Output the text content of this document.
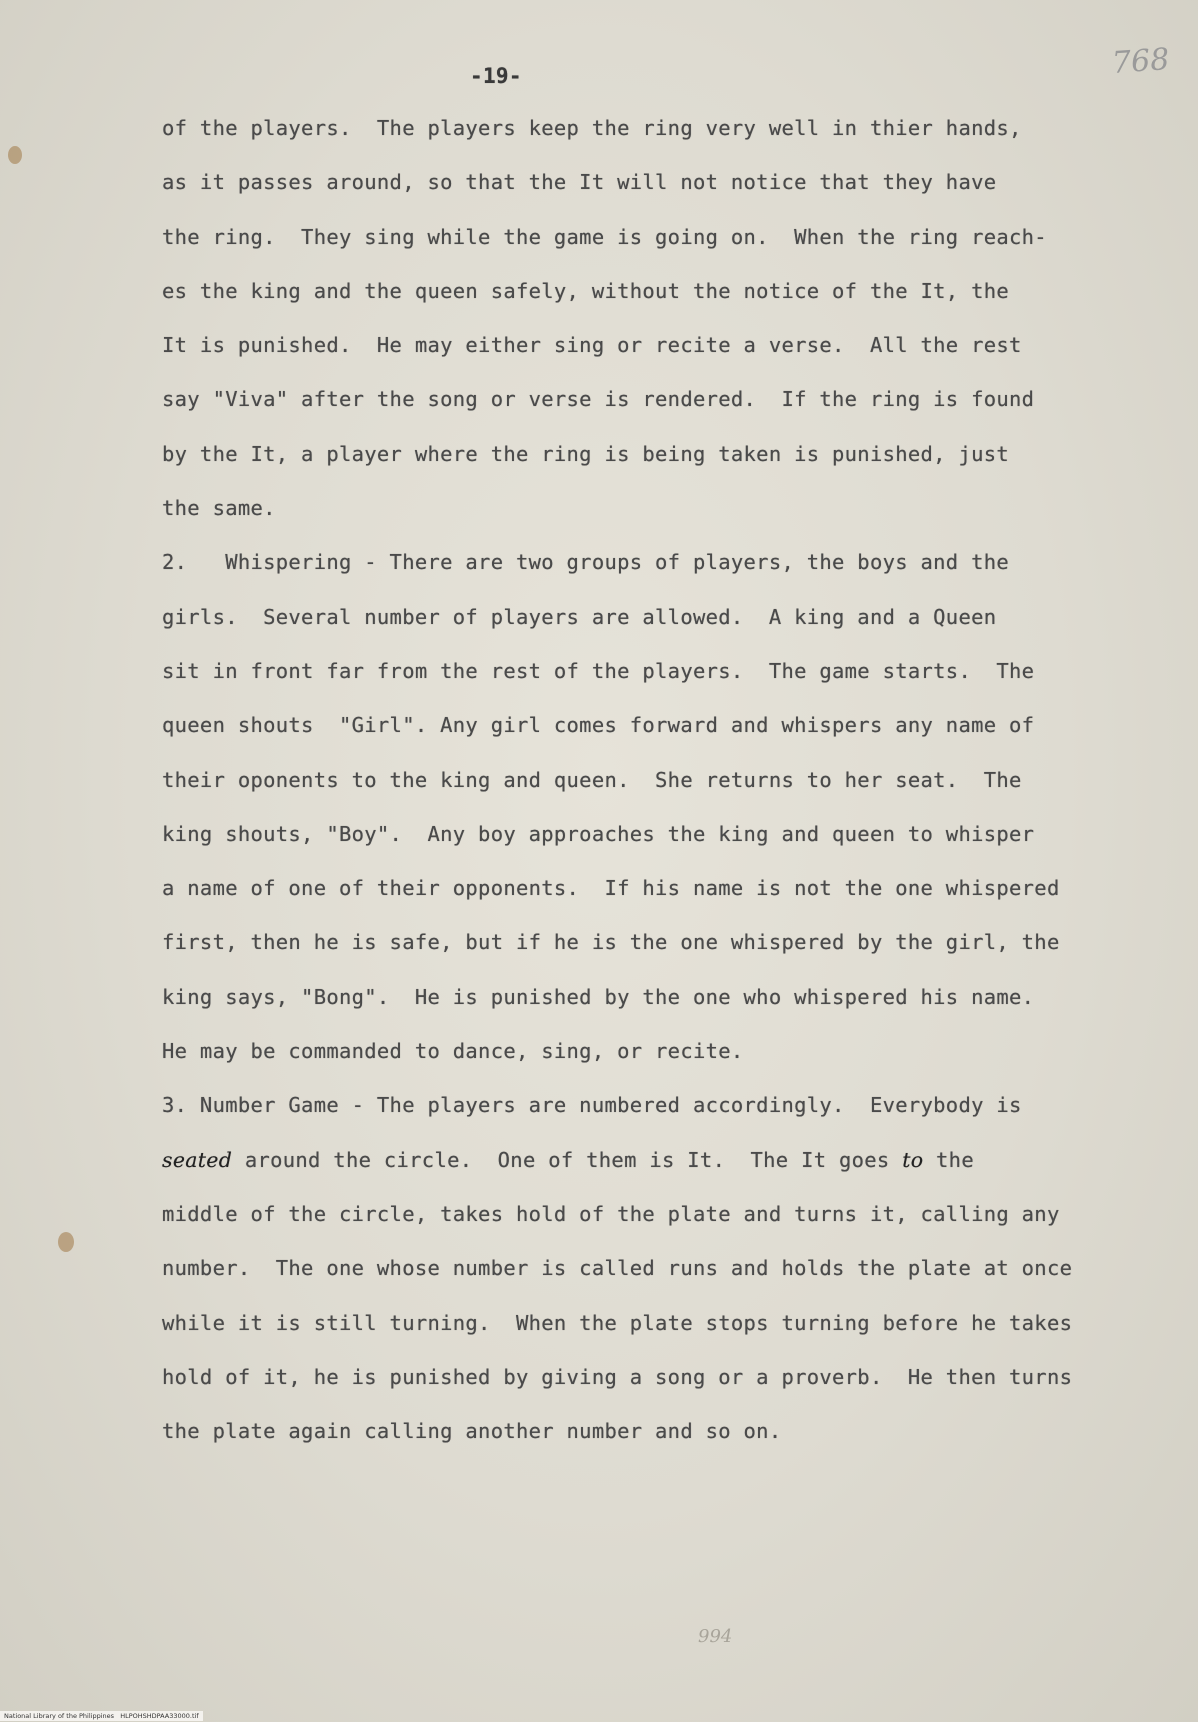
768
-19-
of the players.  The players keep the ring very well in thier hands,
as it passes around, so that the It will not notice that they have
the ring.  They sing while the game is going on.  When the ring reach-
es the king and the queen safely, without the notice of the It, the
It is punished.  He may either sing or recite a verse.  All the rest
say "Viva" after the song or verse is rendered.  If the ring is found
by the It, a player where the ring is being taken is punished, just
the same.
2.   Whispering - There are two groups of players, the boys and the
girls.  Several number of players are allowed.  A king and a Queen
sit in front far from the rest of the players.  The game starts.  The
queen shouts  "Girl". Any girl comes forward and whispers any name of
their oponents to the king and queen.  She returns to her seat.  The
king shouts, "Boy".  Any boy approaches the king and queen to whisper
a name of one of their opponents.  If his name is not the one whispered
first, then he is safe, but if he is the one whispered by the girl, the
king says, "Bong".  He is punished by the one who whispered his name.
He may be commanded to dance, sing, or recite.
3. Number Game - The players are numbered accordingly.  Everybody is
seated around the circle.  One of them is It.  The It goes to the
middle of the circle, takes hold of the plate and turns it, calling any
number.  The one whose number is called runs and holds the plate at once
while it is still turning.  When the plate stops turning before he takes
hold of it, he is punished by giving a song or a proverb.  He then turns
the plate again calling another number and so on.
994
National Library of the Philippines   HLPOHSHDPAA33000.tif
